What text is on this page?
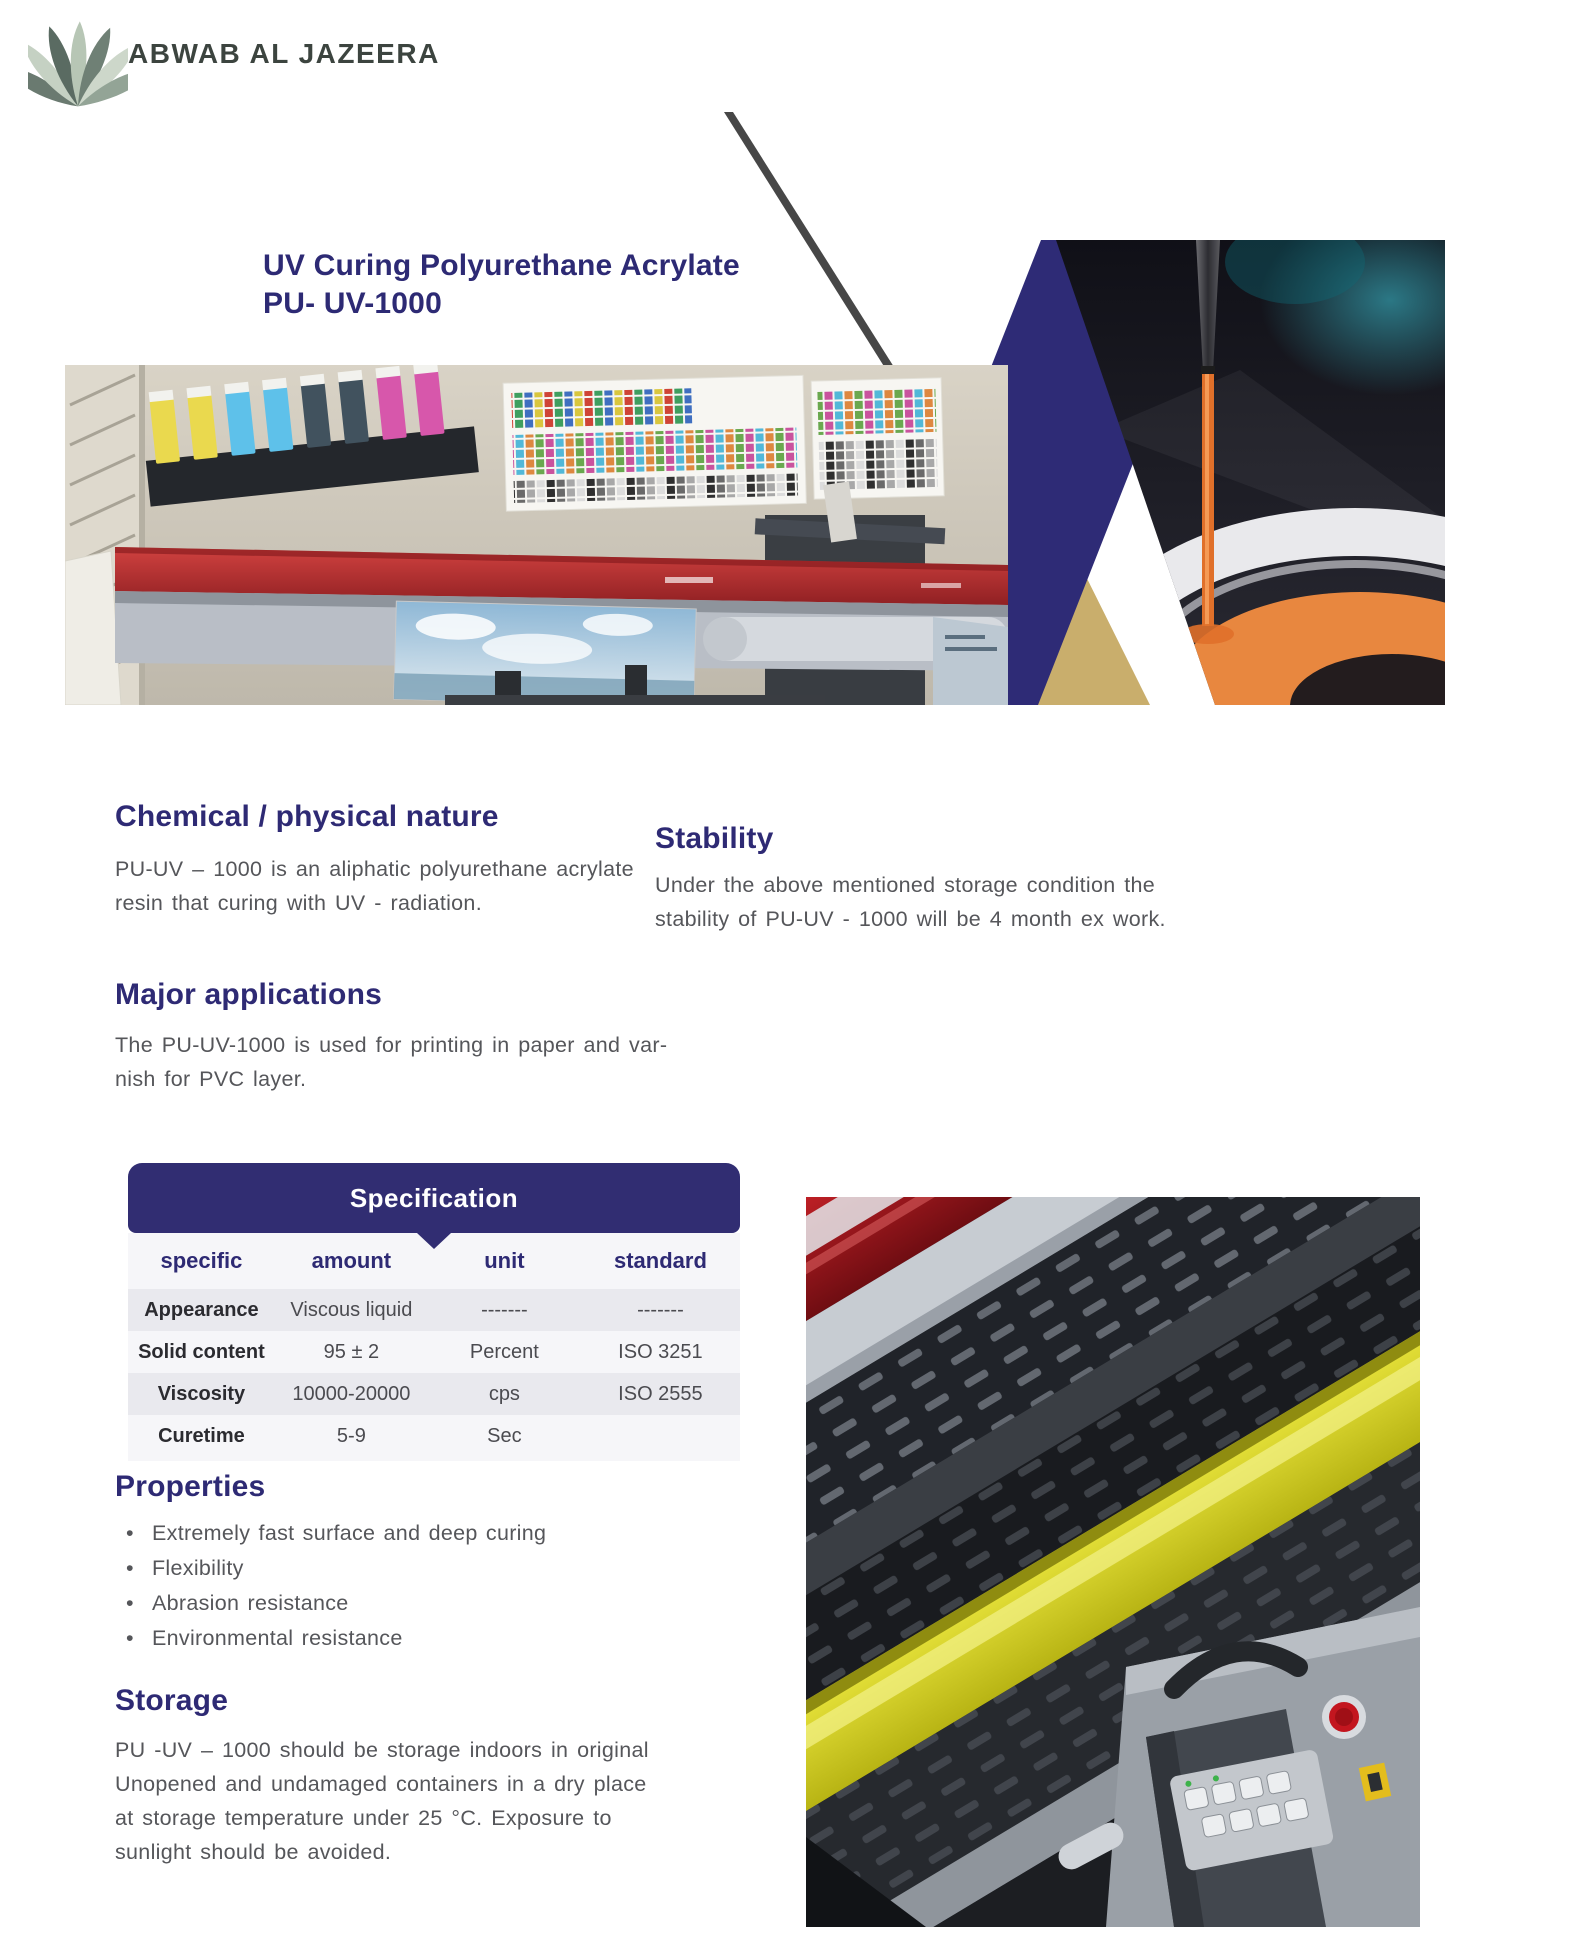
ABWAB AL JAZEERA
UV Curing Polyurethane Acrylate
PU- UV-1000
Chemical / physical nature
PU-UV – 1000 is an aliphatic polyurethane acrylate
resin that curing with UV - radiation.
Major applications
The PU-UV-1000 is used for printing in paper and var-
nish for PVC layer.
Stability
Under the above mentioned storage condition the
stability of PU-UV - 1000 will be 4 month ex work.
Specification
specific	amount	unit	standard
Appearance	Viscous liquid	-------	-------
Solid content	95 ± 2	Percent	ISO 3251
Viscosity	10000-20000	cps	ISO 2555
Curetime	5-9	Sec
Properties
• Extremely fast surface and deep curing
• Flexibility
• Abrasion resistance
• Environmental resistance
Storage
PU -UV – 1000 should be storage indoors in original
Unopened and undamaged containers in a dry place
at storage temperature under 25 °C. Exposure to
sunlight should be avoided.
